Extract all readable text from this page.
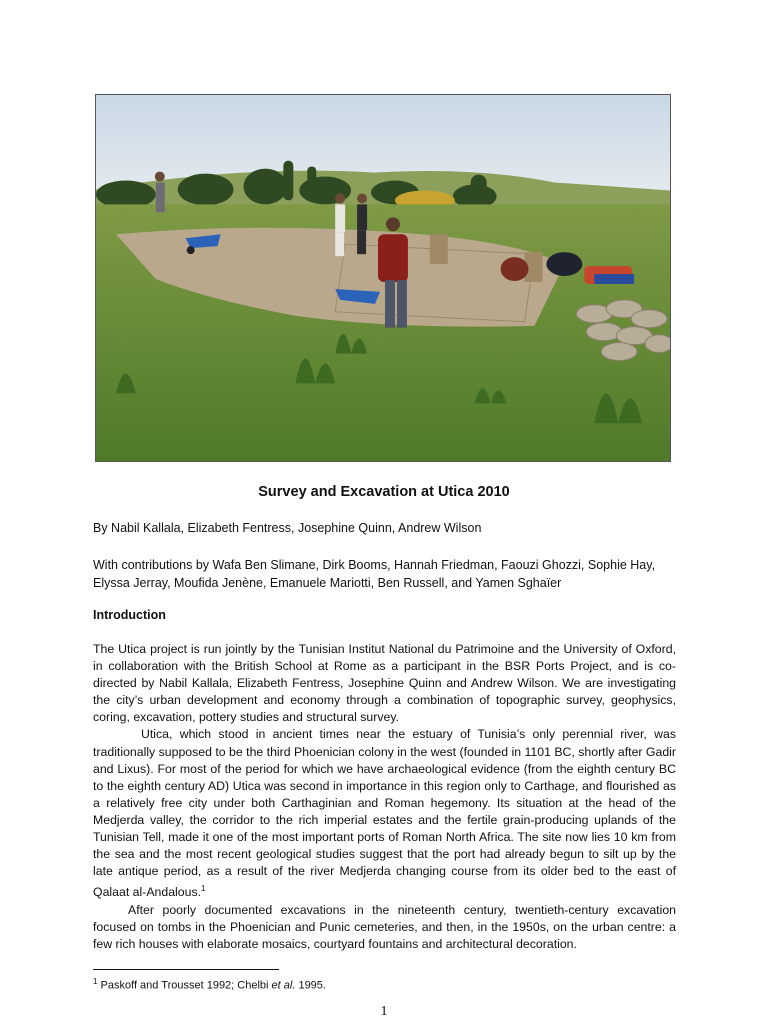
Survey and Excavation at Utica 2010
By Nabil Kallala, Elizabeth Fentress, Josephine Quinn, Andrew Wilson
With contributions by Wafa Ben Slimane, Dirk Booms, Hannah Friedman, Faouzi Ghozzi, Sophie Hay, Elyssa Jerray, Moufida Jenène, Emanuele Mariotti, Ben Russell, and Yamen Sghaïer
Introduction

The Utica project is run jointly by the Tunisian Institut National du Patrimoine and the University of Oxford, in collaboration with the British School at Rome as a participant in the BSR Ports Project, and is co-directed by Nabil Kallala, Elizabeth Fentress, Josephine Quinn and Andrew Wilson. We are investigating the city’s urban development and economy through a combination of topographic survey, geophysics, coring, excavation, pottery studies and structural survey.

Utica, which stood in ancient times near the estuary of Tunisia’s only perennial river, was traditionally supposed to be the third Phoenician colony in the west (founded in 1101 BC, shortly after Gadir and Lixus). For most of the period for which we have archaeological evidence (from the eighth century BC to the eighth century AD) Utica was second in importance in this region only to Carthage, and flourished as a relatively free city under both Carthaginian and Roman hegemony. Its situation at the head of the Medjerda valley, the corridor to the rich imperial estates and the fertile grain-producing uplands of the Tunisian Tell, made it one of the most important ports of Roman North Africa. The site now lies 10 km from the sea and the most recent geological studies suggest that the port had already begun to silt up by the late antique period, as a result of the river Medjerda changing course from its older bed to the east of Qalaat al-Andalous.$^1$

After poorly documented excavations in the nineteenth century, twentieth-century excavation focused on tombs in the Phoenician and Punic cemeteries, and then, in the 1950s, on the urban centre: a few rich houses with elaborate mosaics, courtyard fountains and architectural decoration.

$^1$ Paskoff and Trousset 1992; Chelbi et al. 1995.
1
